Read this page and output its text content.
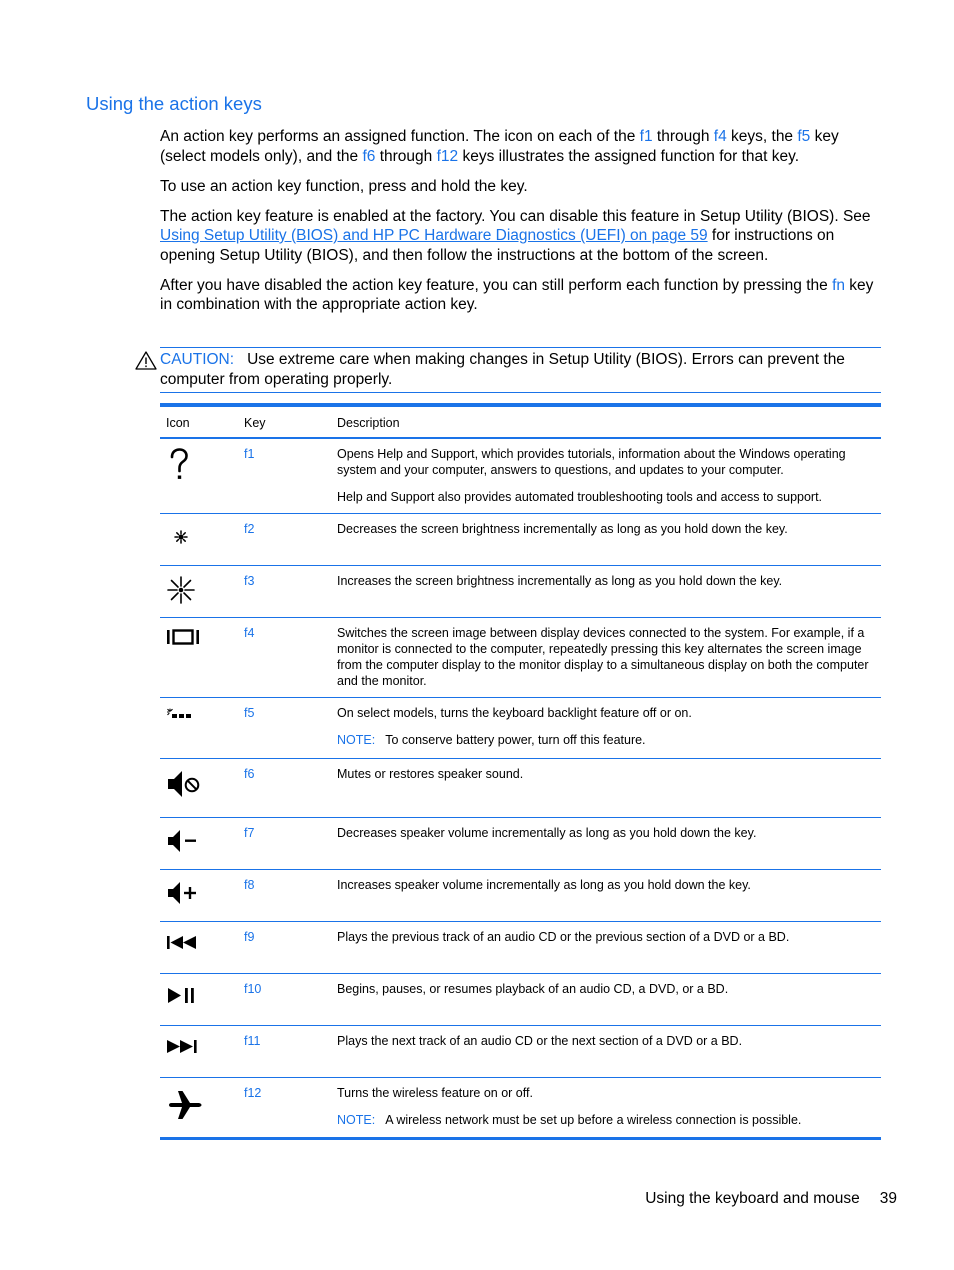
Using the action keys

An action key performs an assigned function. The icon on each of the f1 through f4 keys, the f5 key (select models only), and the f6 through f12 keys illustrates the assigned function for that key.

To use an action key function, press and hold the key.

The action key feature is enabled at the factory. You can disable this feature in Setup Utility (BIOS). See Using Setup Utility (BIOS) and HP PC Hardware Diagnostics (UEFI) on page 59 for instructions on opening Setup Utility (BIOS), and then follow the instructions at the bottom of the screen.

After you have disabled the action key feature, you can still perform each function by pressing the fn key in combination with the appropriate action key.

CAUTION: Use extreme care when making changes in Setup Utility (BIOS). Errors can prevent the computer from operating properly.
Icon	Key	Description

	f1	Opens Help and Support, which provides tutorials, information about the Windows operating system and your computer, answers to questions, and updates to your computer.

Help and Support also provides automated troubleshooting tools and access to support.

	f2	Decreases the screen brightness incrementally as long as you hold down the key.

	f3	Increases the screen brightness incrementally as long as you hold down the key.

	f4	Switches the screen image between display devices connected to the system. For example, if a monitor is connected to the computer, repeatedly pressing this key alternates the screen image from the computer display to the monitor display to a simultaneous display on both the computer and the monitor.

	f5	On select models, turns the keyboard backlight feature off or on.

NOTE: To conserve battery power, turn off this feature.

	f6	Mutes or restores speaker sound.

	f7	Decreases speaker volume incrementally as long as you hold down the key.

	f8	Increases speaker volume incrementally as long as you hold down the key.

	f9	Plays the previous track of an audio CD or the previous section of a DVD or a BD.

	f10	Begins, pauses, or resumes playback of an audio CD, a DVD, or a BD.

	f11	Plays the next track of an audio CD or the next section of a DVD or a BD.

	f12	Turns the wireless feature on or off.

NOTE: A wireless network must be set up before a wireless connection is possible.

Using the keyboard and mouse 39
